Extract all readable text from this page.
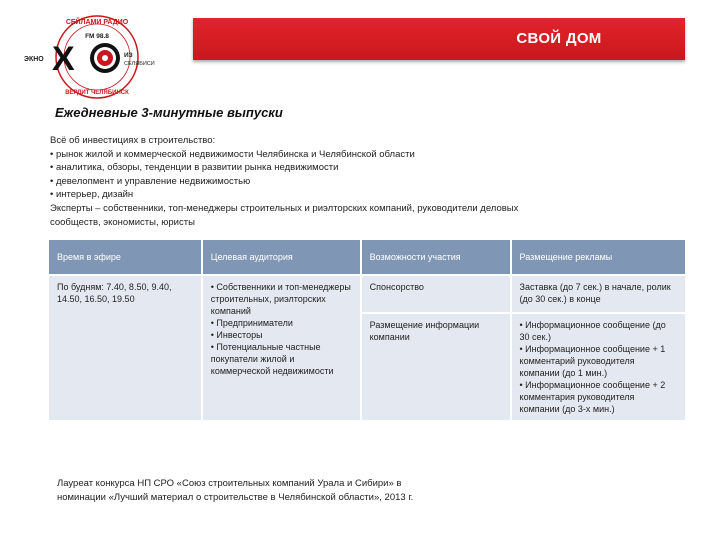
СЕЙЛАМИ РАДИО
FM 98.8
ЭКНО X	ИЗ
СЕЛЯБИСИ
ВЕРДИТ ЧЕЛЯБИНСК
СВОЙ ДОМ
Ежедневные 3-минутные выпуски
Всё об инвестициях в строительство:
• рынок жилой и коммерческой недвижимости Челябинска и Челябинской области
• аналитика, обзоры, тенденции в развитии рынка недвижимости
• девелопмент и управление недвижимостью
• интерьер, дизайн
Эксперты – собственники, топ-менеджеры строительных и риэлторских компаний, руководители деловых
сообществ, экономисты, юристы
Время в эфире	Целевая аудитория	Возможности участия	Размещение рекламы
По будням: 7.40, 8.50, 9.40, 14.50, 16.50, 19.50	• Собственники и топ-менеджеры строительных, риэлторских компаний
• Предприниматели
• Инвесторы
• Потенциальные частные покупатели жилой и коммерческой недвижимости	Спонсорство	Заставка (до 7 сек.) в начале, ролик (до 30 сек.) в конце
		Размещение информации компании	• Информационное сообщение (до 30 сек.)
• Информационное сообщение + 1 комментарий руководителя компании (до 1 мин.)
• Информационное сообщение + 2 комментария руководителя компании (до 3-х мин.)
Лауреат конкурса НП СРО «Союз строительных компаний Урала и Сибири» в
номинации «Лучший материал о строительстве в Челябинской области», 2013 г.
